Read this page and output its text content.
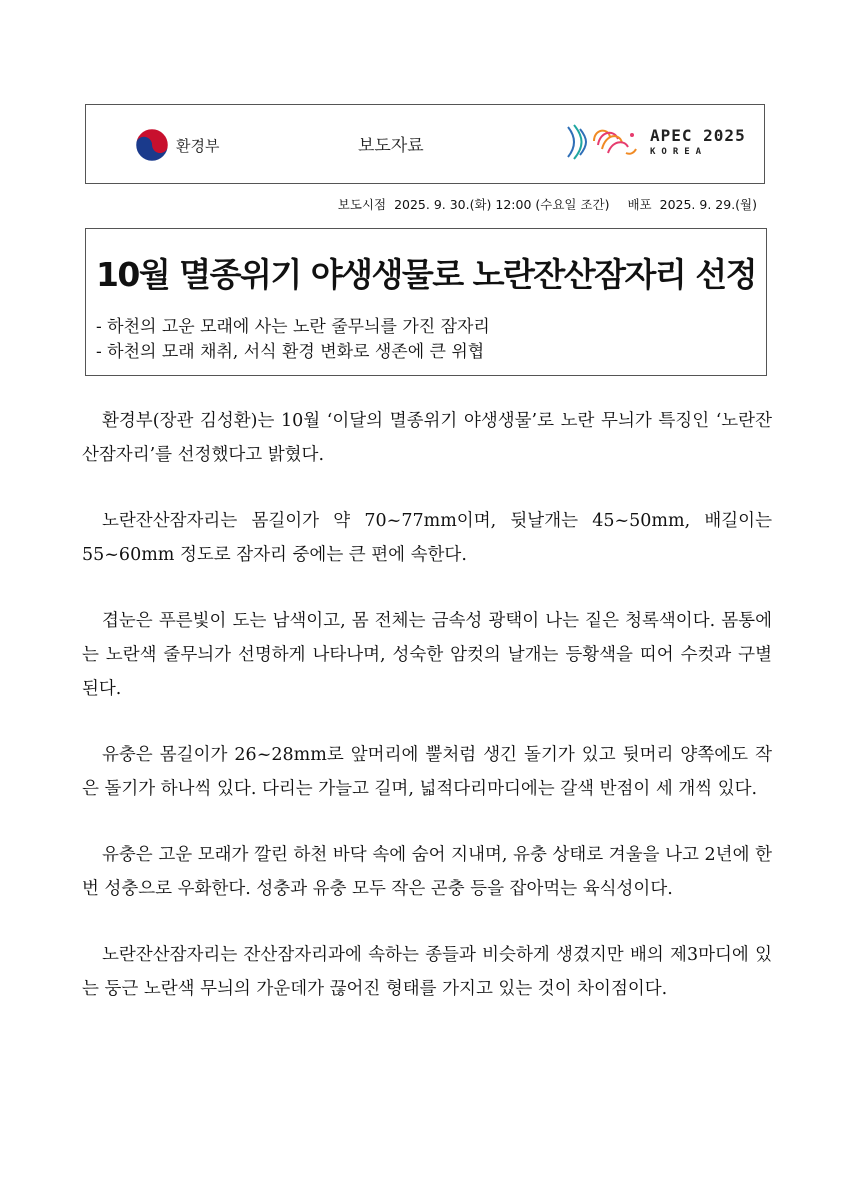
환경부	보도자료
APEC 2025
KOREA
보도시점 2025. 9. 30.(화) 12:00 (수요일 조간) 배포 2025. 9. 29.(월)
10월 멸종위기 야생생물로 노란잔산잠자리 선정
- 하천의 고운 모래에 사는 노란 줄무늬를 가진 잠자리
- 하천의 모래 채취, 서식 환경 변화로 생존에 큰 위협

환경부(장관 김성환)는 10월 ‘이달의 멸종위기 야생생물’로 노란 무늬가 특징인 ‘노란잔산잠자리’를 선정했다고 밝혔다.

노란잔산잠자리는 몸길이가 약 70~77mm이며, 뒷날개는 45~50mm, 배길이는 55~60mm 정도로 잠자리 중에는 큰 편에 속한다.

겹눈은 푸른빛이 도는 남색이고, 몸 전체는 금속성 광택이 나는 짙은 청록색이다. 몸통에는 노란색 줄무늬가 선명하게 나타나며, 성숙한 암컷의 날개는 등황색을 띠어 수컷과 구별된다.

유충은 몸길이가 26~28mm로 앞머리에 뿔처럼 생긴 돌기가 있고 뒷머리 양쪽에도 작은 돌기가 하나씩 있다. 다리는 가늘고 길며, 넓적다리마디에는 갈색 반점이 세 개씩 있다.

유충은 고운 모래가 깔린 하천 바닥 속에 숨어 지내며, 유충 상태로 겨울을 나고 2년에 한 번 성충으로 우화한다. 성충과 유충 모두 작은 곤충 등을 잡아먹는 육식성이다.

노란잔산잠자리는 잔산잠자리과에 속하는 종들과 비슷하게 생겼지만 배의 제3마디에 있는 둥근 노란색 무늬의 가운데가 끊어진 형태를 가지고 있는 것이 차이점이다.
